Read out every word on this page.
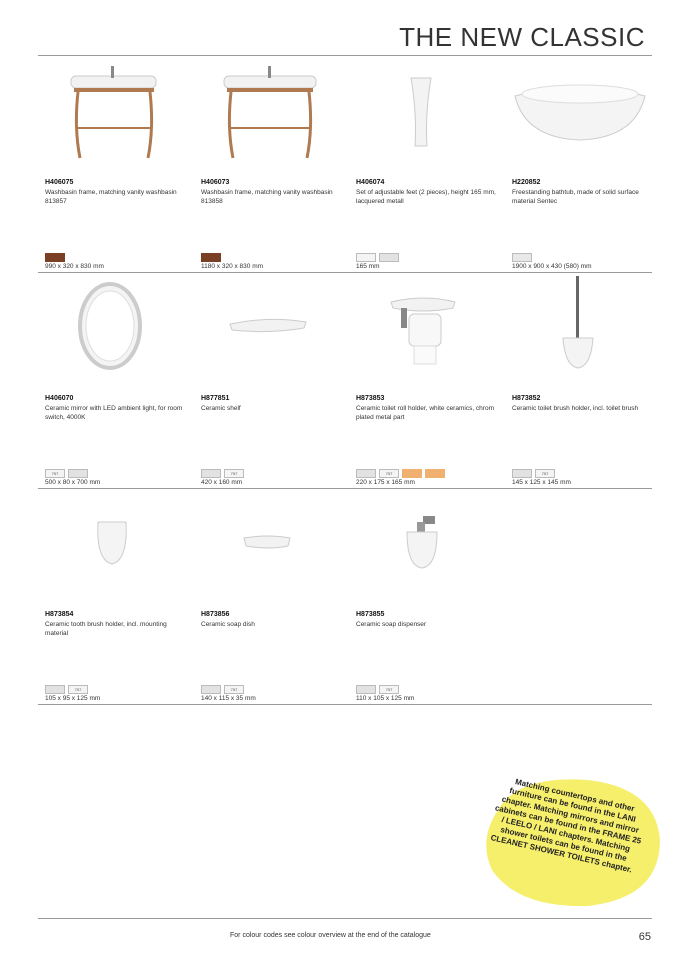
THE NEW CLASSIC
H406075
Washbasin frame, matching vanity washbasin 813857
990 x 320 x 830 mm
H406073
Washbasin frame, matching vanity washbasin 813858
1180 x 320 x 830 mm
H406074
Set of adjustable feet (2 pieces), height 165 mm, lacquered metall
165 mm
H220852
Freestanding bathtub, made of solid surface material Sentec
1900 x 900 x 430 (580) mm
H406070
Ceramic mirror with LED ambient light, for room switch, 4000K
757
500 x 80 x 700 mm
H877851
Ceramic shelf
757
420 x 160 mm
H873853
Ceramic toilet roll holder, white ceramics, chrom plated metal part
757
220 x 175 x 165 mm
H873852
Ceramic toilet brush holder, incl. toilet brush
757
145 x 125 x 145 mm
H873854
Ceramic tooth brush holder, incl. mounting material
757
105 x 95 x 125 mm
H873856
Ceramic soap dish
757
140 x 115 x 35 mm
H873855
Ceramic soap dispenser
757
110 x 105 x 125 mm
Matching countertops and other furniture can be found in the LANI chapter. Matching mirrors and mirror cabinets can be found in the FRAME 25 / LEELO / LANI chapters. Matching shower toilets can be found in the CLEANET SHOWER TOILETS chapter.
For colour codes see colour overview at the end of the catalogue	65
